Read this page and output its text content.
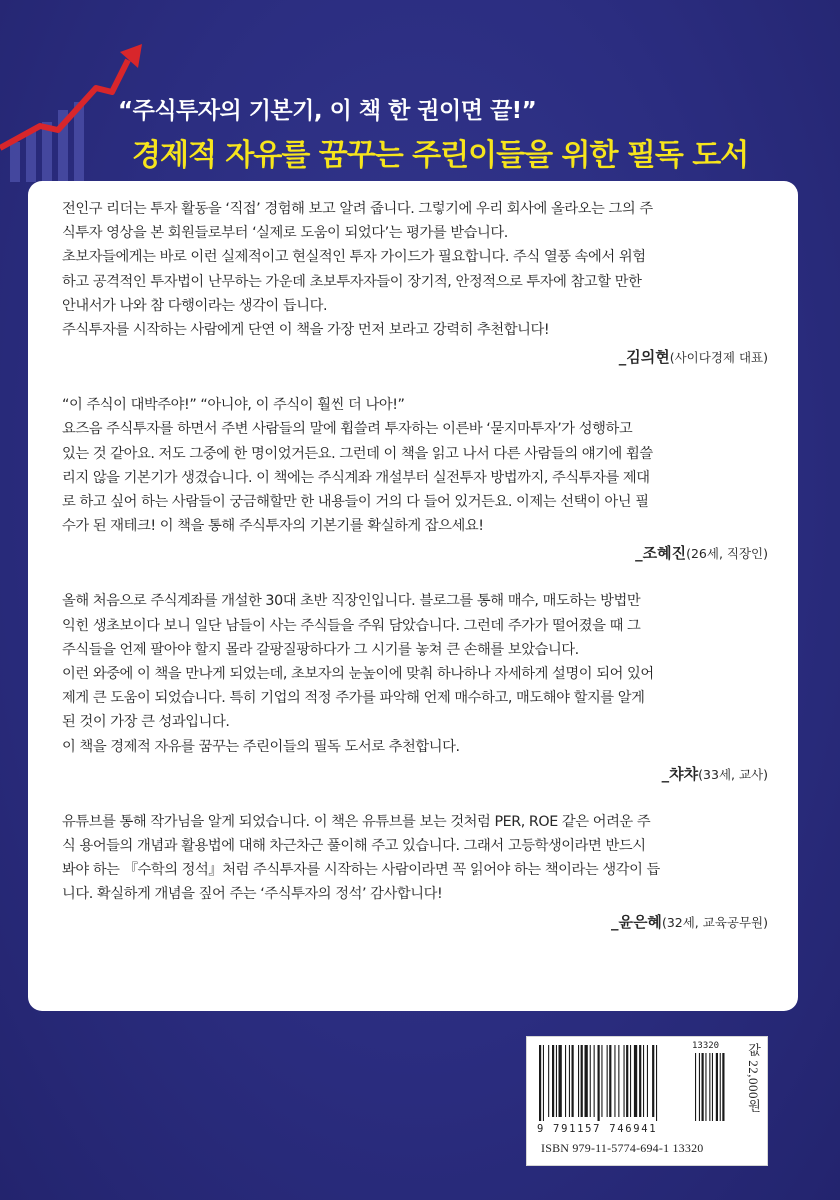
“주식투자의 기본기, 이 책 한 권이면 끝!”

경제적 자유를 꿈꾸는 주린이들을 위한 필독 도서

전인구 리더는 투자 활동을 ‘직접’ 경험해 보고 알려 줍니다. 그렇기에 우리 회사에 올라오는 그의 주

식투자 영상을 본 회원들로부터 ‘실제로 도움이 되었다’는 평가를 받습니다.

초보자들에게는 바로 이런 실제적이고 현실적인 투자 가이드가 필요합니다. 주식 열풍 속에서 위험

하고 공격적인 투자법이 난무하는 가운데 초보투자자들이 장기적, 안정적으로 투자에 참고할 만한

안내서가 나와 참 다행이라는 생각이 듭니다.

주식투자를 시작하는 사람에게 단연 이 책을 가장 먼저 보라고 강력히 추천합니다!

_김의현(사이다경제 대표)

“이 주식이 대박주야!” “아니야, 이 주식이 훨씬 더 나아!”

요즈음 주식투자를 하면서 주변 사람들의 말에 휩쓸려 투자하는 이른바 ‘묻지마투자’가 성행하고

있는 것 같아요. 저도 그중에 한 명이었거든요. 그런데 이 책을 읽고 나서 다른 사람들의 얘기에 휩쓸

리지 않을 기본기가 생겼습니다. 이 책에는 주식계좌 개설부터 실전투자 방법까지, 주식투자를 제대

로 하고 싶어 하는 사람들이 궁금해할만 한 내용들이 거의 다 들어 있거든요. 이제는 선택이 아닌 필

수가 된 재테크! 이 책을 통해 주식투자의 기본기를 확실하게 잡으세요!

_조혜진(26세, 직장인)

올해 처음으로 주식계좌를 개설한 30대 초반 직장인입니다. 블로그를 통해 매수, 매도하는 방법만

익힌 생초보이다 보니 일단 남들이 사는 주식들을 주워 담았습니다. 그런데 주가가 떨어졌을 때 그

주식들을 언제 팔아야 할지 몰라 갈팡질팡하다가 그 시기를 놓쳐 큰 손해를 보았습니다.

이런 와중에 이 책을 만나게 되었는데, 초보자의 눈높이에 맞춰 하나하나 자세하게 설명이 되어 있어

제게 큰 도움이 되었습니다. 특히 기업의 적정 주가를 파악해 언제 매수하고, 매도해야 할지를 알게

된 것이 가장 큰 성과입니다.

이 책을 경제적 자유를 꿈꾸는 주린이들의 필독 도서로 추천합니다.

_챠챠(33세, 교사)

유튜브를 통해 작가님을 알게 되었습니다. 이 책은 유튜브를 보는 것처럼 PER, ROE 같은 어려운 주

식 용어들의 개념과 활용법에 대해 차근차근 풀이해 주고 있습니다. 그래서 고등학생이라면 반드시

봐야 하는 『수학의 정석』처럼 주식투자를 시작하는 사람이라면 꼭 읽어야 하는 책이라는 생각이 듭

니다. 확실하게 개념을 짚어 주는 ‘주식투자의 정석’ 감사합니다!

_윤은혜(32세, 교육공무원)
13320
9 791157 746941
ISBN 979-11-5774-694-1 13320
값 22,000원
